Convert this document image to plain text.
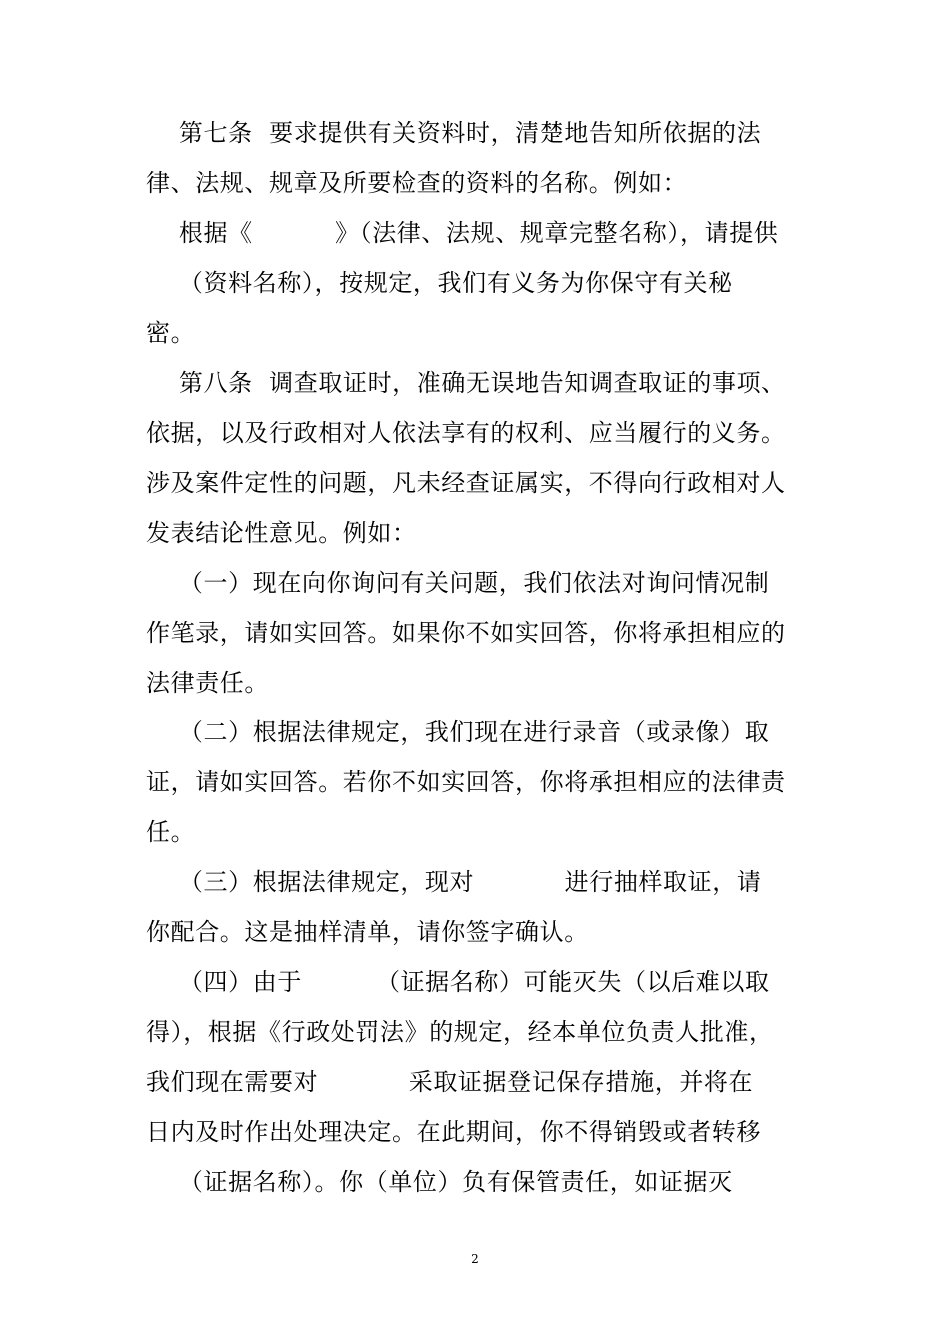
第七条  要求提供有关资料时，清楚地告知所依据的法
律、法规、规章及所要检查的资料的名称。例如：
根据《          》（法律、法规、规章完整名称），请提供
（资料名称），按规定，我们有义务为你保守有关秘
密。
第八条  调查取证时，准确无误地告知调查取证的事项、
依据，以及行政相对人依法享有的权利、应当履行的义务。
涉及案件定性的问题，凡未经查证属实，不得向行政相对人
发表结论性意见。例如：
（一）现在向你询问有关问题，我们依法对询问情况制
作笔录，请如实回答。如果你不如实回答，你将承担相应的
法律责任。
（二）根据法律规定，我们现在进行录音（或录像）取
证，请如实回答。若你不如实回答，你将承担相应的法律责
任。
（三）根据法律规定，现对           进行抽样取证，请
你配合。这是抽样清单，请你签字确认。
（四）由于         （证据名称）可能灭失（以后难以取
得），根据《行政处罚法》的规定，经本单位负责人批准，
我们现在需要对           采取证据登记保存措施，并将在
日内及时作出处理决定。在此期间，你不得销毁或者转移
（证据名称）。你（单位）负有保管责任，如证据灭
2
